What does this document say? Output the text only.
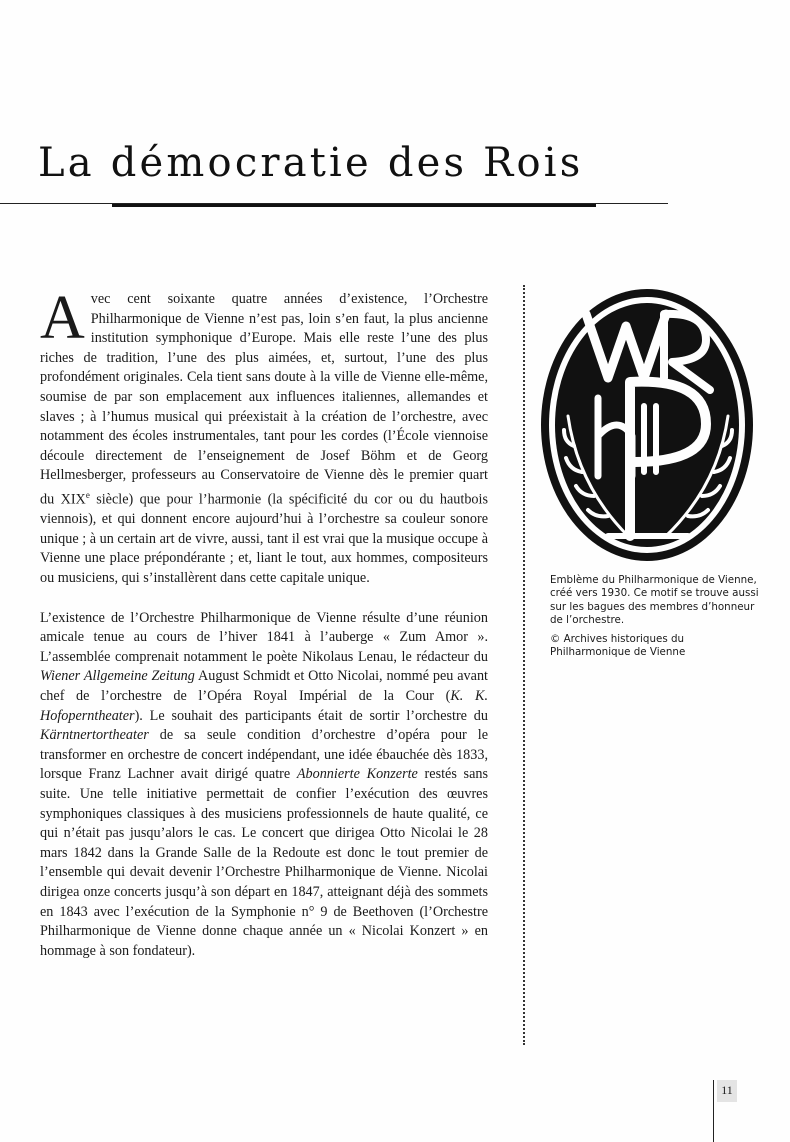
La démocratie des Rois

Avec cent soixante quatre années d’existence, l’Orchestre Philharmonique de Vienne n’est pas, loin s’en faut, la plus ancienne institution symphonique d’Europe. Mais elle reste l’une des plus riches de tradition, l’une des plus aimées, et, surtout, l’une des plus profondément originales. Cela tient sans doute à la ville de Vienne elle-même, soumise de par son emplacement aux influences italiennes, allemandes et slaves ; à l’humus musical qui préexistait à la création de l’orchestre, avec notamment des écoles instrumentales, tant pour les cordes (l’École viennoise découle directement de l’enseignement de Josef Böhm et de Georg Hellmesberger, professeurs au Conservatoire de Vienne dès le premier quart du XIXe siècle) que pour l’harmonie (la spécificité du cor ou du hautbois viennois), et qui donnent encore aujourd’hui à l’orchestre sa couleur sonore unique ; à un certain art de vivre, aussi, tant il est vrai que la musique occupe à Vienne une place prépondérante ; et, liant le tout, aux hommes, compositeurs ou musiciens, qui s’installèrent dans cette capitale unique.

L’existence de l’Orchestre Philharmonique de Vienne résulte d’une réunion amicale tenue au cours de l’hiver 1841 à l’auberge « Zum Amor ». L’assemblée comprenait notamment le poète Nikolaus Lenau, le rédacteur du Wiener Allgemeine Zeitung August Schmidt et Otto Nicolai, nommé peu avant chef de l’orchestre de l’Opéra Royal Impérial de la Cour (K. K. Hofoperntheater). Le souhait des participants était de sortir l’orchestre du Kärntnertortheater de sa seule condition d’orchestre d’opéra pour le transformer en orchestre de concert indépendant, une idée ébauchée dès 1833, lorsque Franz Lachner avait dirigé quatre Abonnierte Konzerte restés sans suite. Une telle initiative permettait de confier l’exécution des œuvres symphoniques classiques à des musiciens professionnels de haute qualité, ce qui n’était pas jusqu’alors le cas. Le concert que dirigea Otto Nicolai le 28 mars 1842 dans la Grande Salle de la Redoute est donc le tout premier de l’ensemble qui devait devenir l’Orchestre Philharmonique de Vienne. Nicolai dirigea onze concerts jusqu’à son départ en 1847, atteignant déjà des sommets en 1843 avec l’exécution de la Symphonie n° 9 de Beethoven (l’Orchestre Philharmonique de Vienne donne chaque année un « Nicolai Konzert » en hommage à son fondateur).

Emblème du Philharmonique de Vienne, créé vers 1930. Ce motif se trouve aussi sur les bagues des membres d’honneur de l’orchestre.

© Archives historiques du Philharmonique de Vienne

11
